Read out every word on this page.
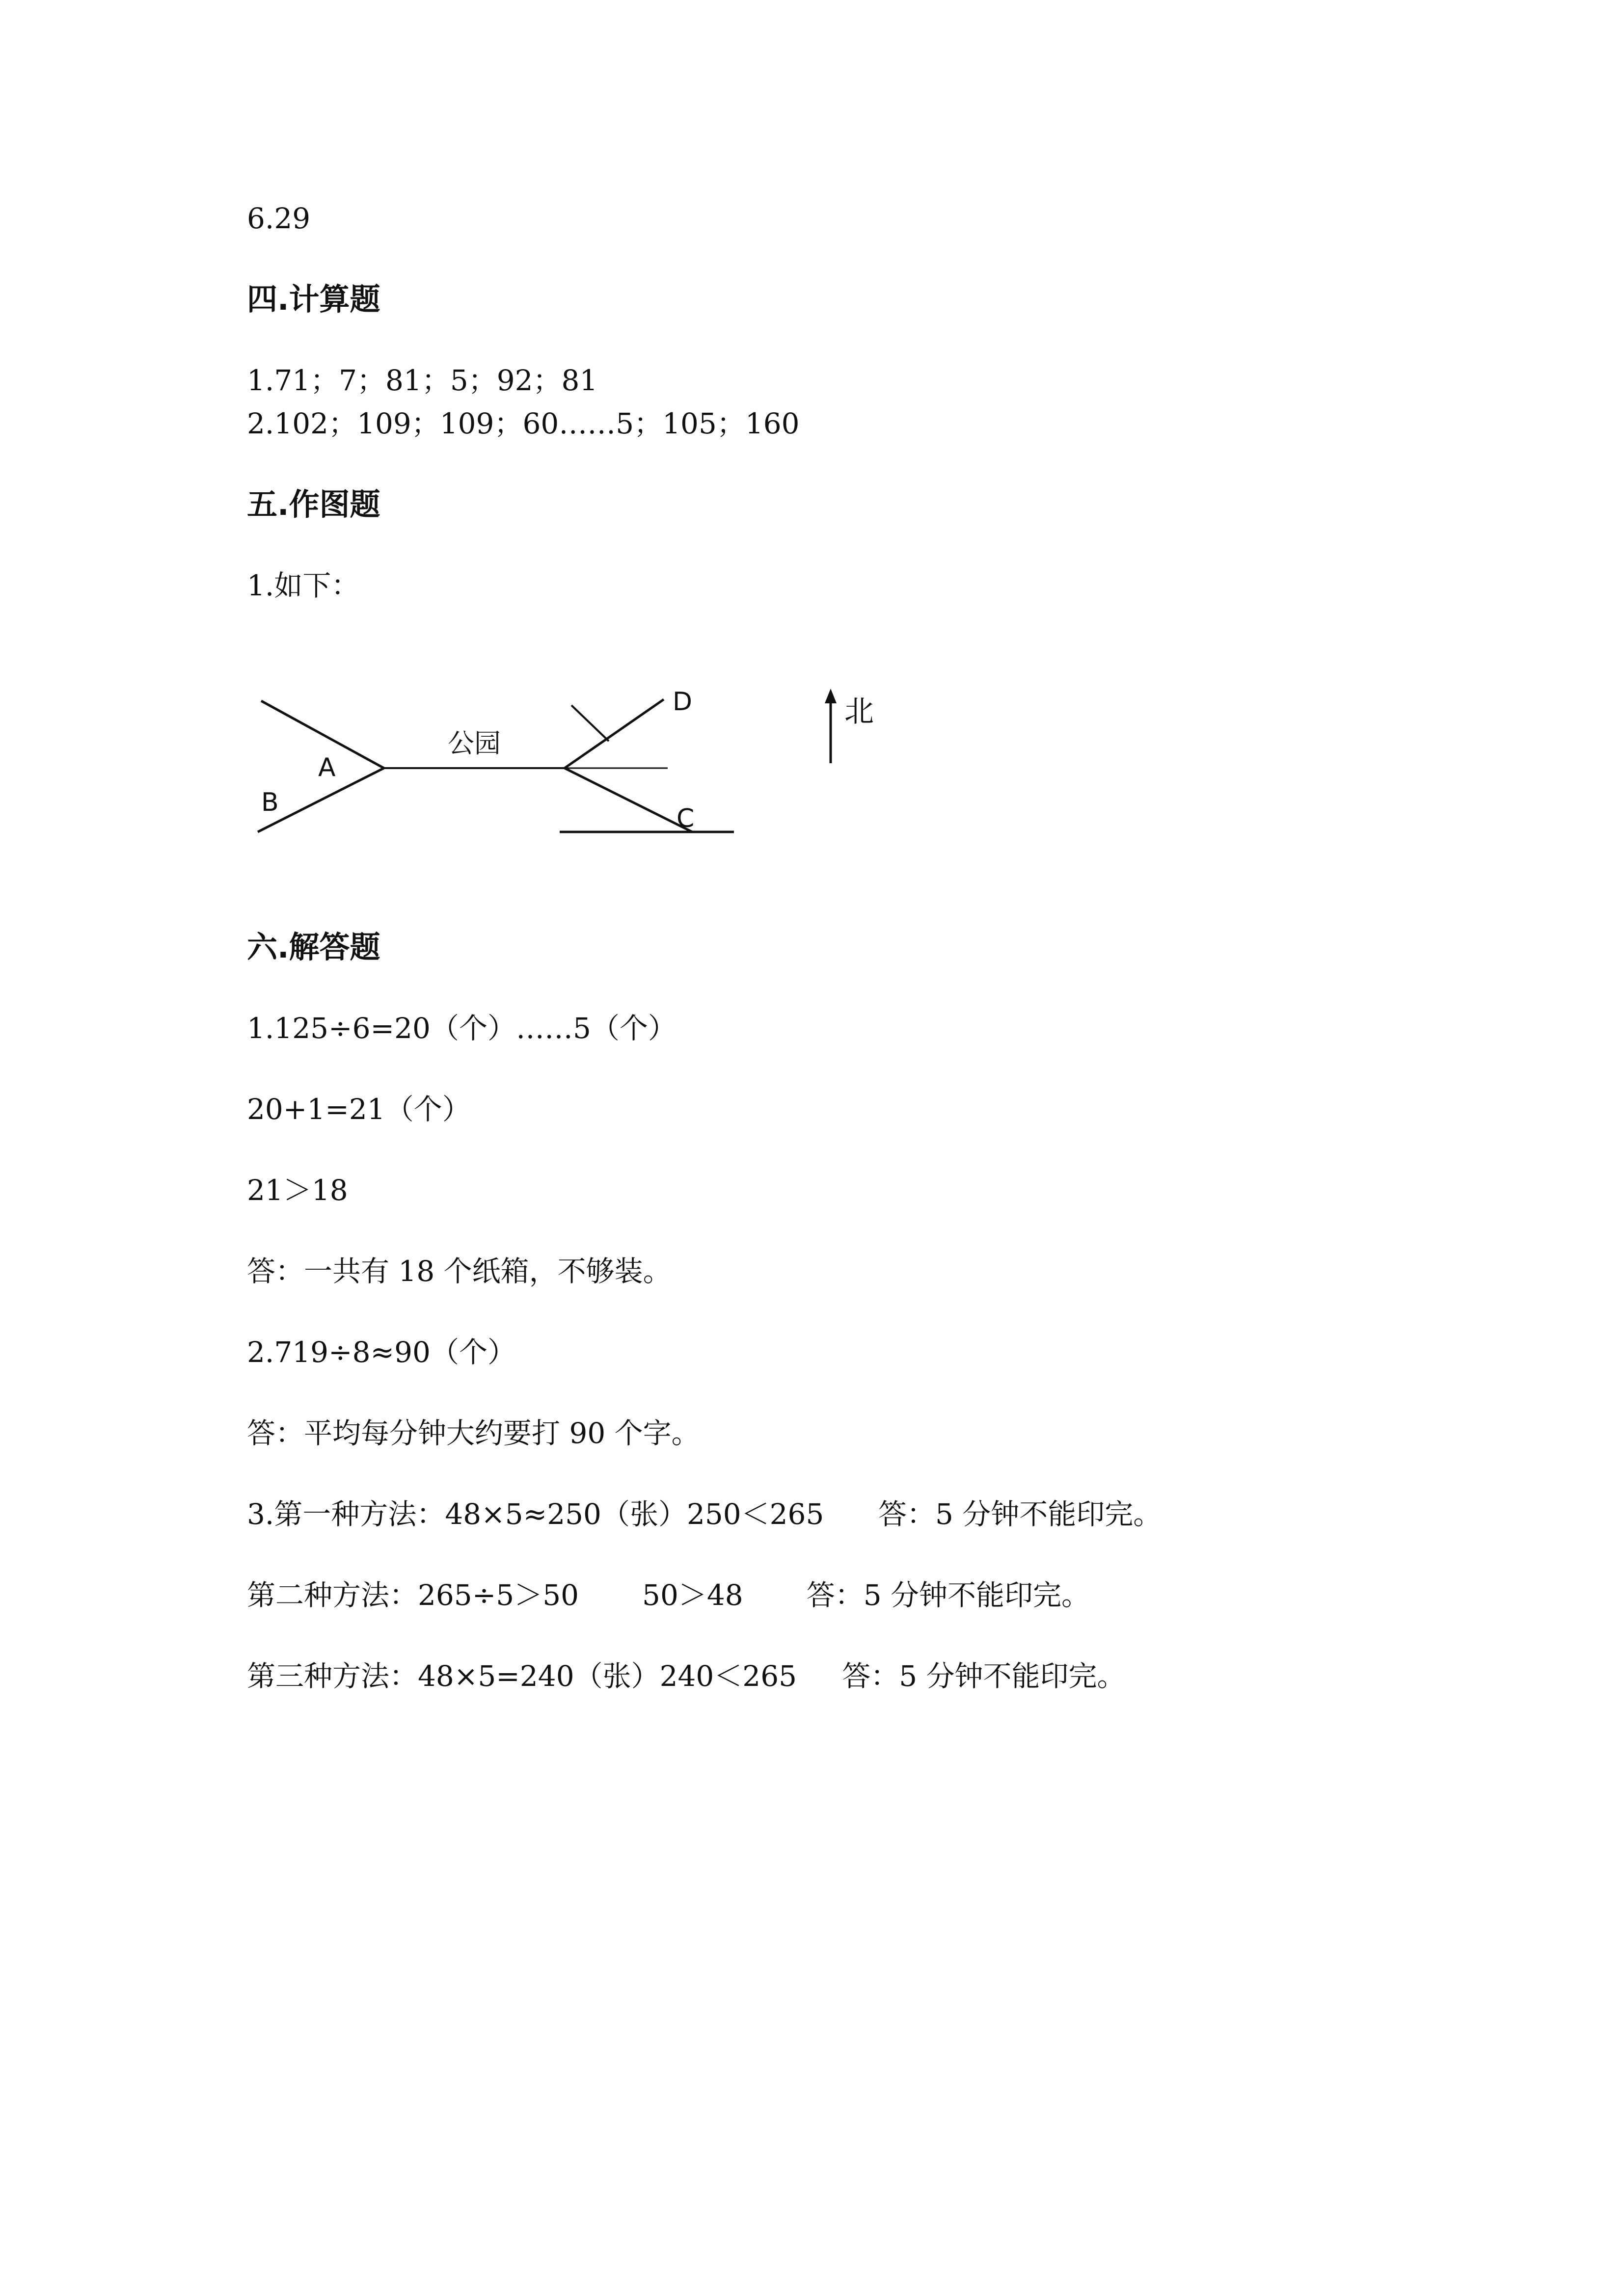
6.29
四.计算题
1.71；7；81；5；92；81
2.102；109；109；60……5；105；160
五.作图题
1.如下：
公园
A
B
C
D	北
六.解答题
1.125÷6=20（个）……5（个）
20+1=21（个）
21＞18
答：一共有 18 个纸箱，不够装。
2.719÷8≈90（个）
答：平均每分钟大约要打 90 个字。
3.第一种方法：48×5≈250（张）250＜265      答：5 分钟不能印完。
第二种方法：265÷5＞50       50＞48       答：5 分钟不能印完。
第三种方法：48×5=240（张）240＜265     答：5 分钟不能印完。
